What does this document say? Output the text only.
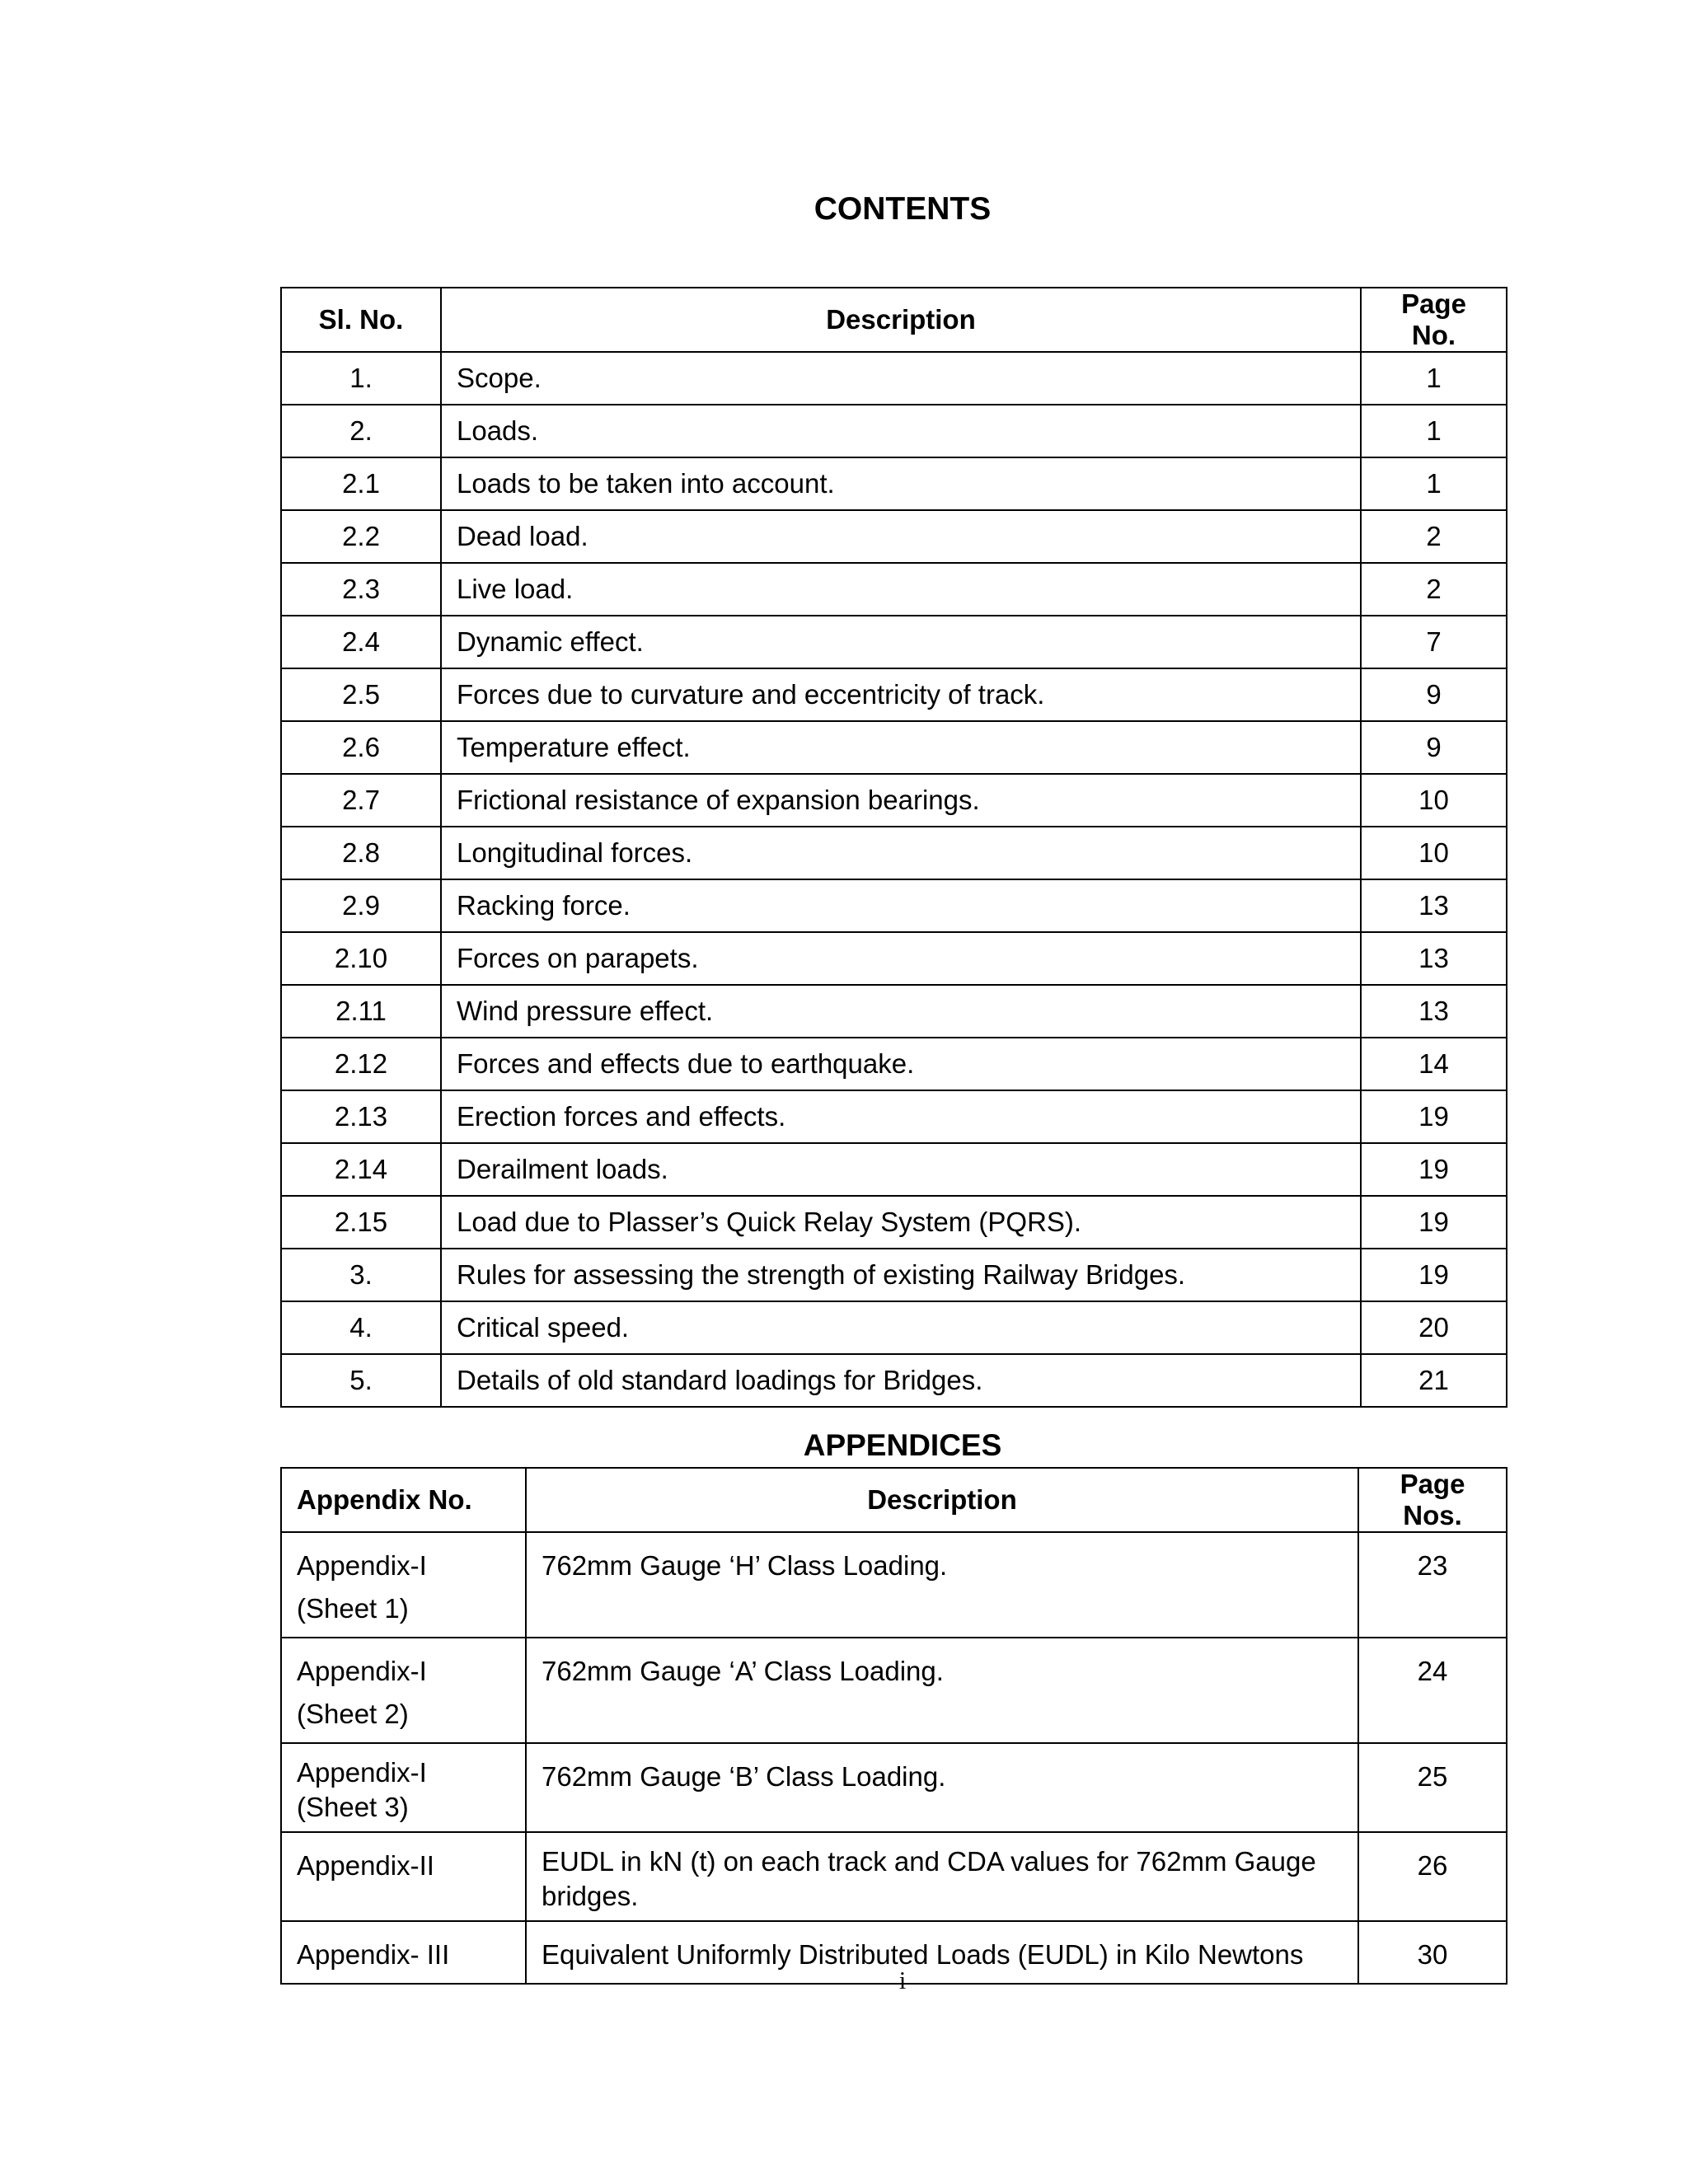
CONTENTS
Sl. No.	Description	Page No.
1.	Scope.	1
2.	Loads.	1
2.1	Loads to be taken into account.	1
2.2	Dead load.	2
2.3	Live load.	2
2.4	Dynamic effect.	7
2.5	Forces due to curvature and eccentricity of track.	9
2.6	Temperature effect.	9
2.7	Frictional resistance of expansion bearings.	10
2.8	Longitudinal forces.	10
2.9	Racking force.	13
2.10	Forces on parapets.	13
2.11	Wind pressure effect.	13
2.12	Forces and effects due to earthquake.	14
2.13	Erection forces and effects.	19
2.14	Derailment loads.	19
2.15	Load due to Plasser’s Quick Relay System (PQRS).	19
3.	Rules for assessing the strength of existing Railway Bridges.	19
4.	Critical speed.	20
5.	Details of old standard loadings for Bridges.	21
APPENDICES
Appendix No.	Description	Page Nos.

Appendix-I
(Sheet 1)	762mm Gauge ‘H’ Class Loading.	23

Appendix-I
(Sheet 2)	762mm Gauge ‘A’ Class Loading.	24

Appendix-I
(Sheet 3)	762mm Gauge ‘B’ Class Loading.	25

Appendix-II	EUDL in kN (t) on each track and CDA values for 762mm Gauge bridges.	26

Appendix- III	Equivalent Uniformly Distributed Loads (EUDL) in Kilo Newtons	30
i
